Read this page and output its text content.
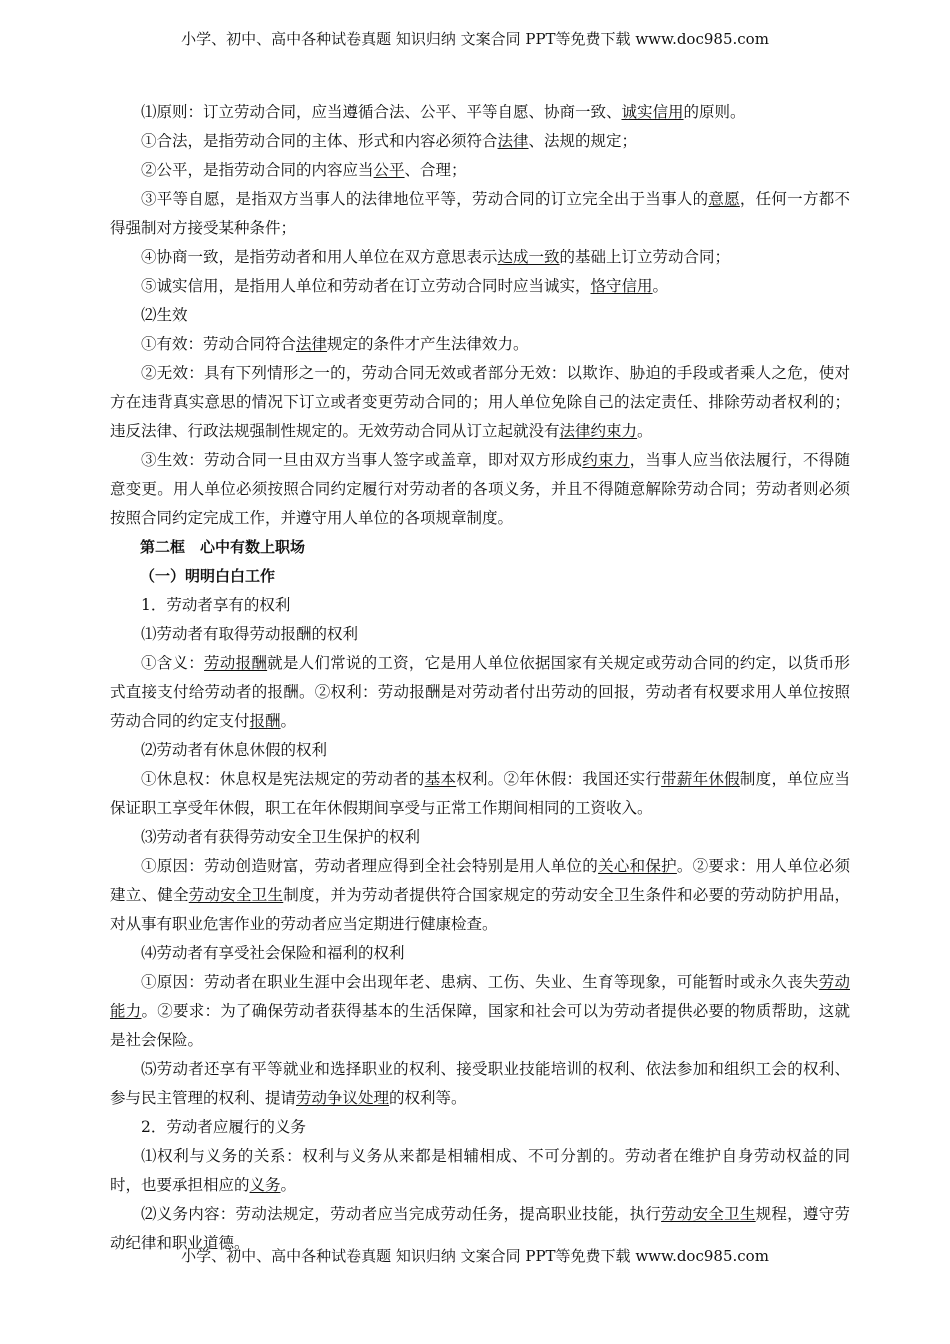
小学、初中、高中各种试卷真题 知识归纳 文案合同 PPT等免费下载 www.doc985.com

⑴原则：订立劳动合同，应当遵循合法、公平、平等自愿、协商一致、诚实信用的原则。

①合法，是指劳动合同的主体、形式和内容必须符合法律、法规的规定；

②公平，是指劳动合同的内容应当公平、合理；

③平等自愿，是指双方当事人的法律地位平等，劳动合同的订立完全出于当事人的意愿，任何一方都不得强制对方接受某种条件；

④协商一致，是指劳动者和用人单位在双方意思表示达成一致的基础上订立劳动合同；

⑤诚实信用，是指用人单位和劳动者在订立劳动合同时应当诚实，恪守信用。

⑵生效

①有效：劳动合同符合法律规定的条件才产生法律效力。

②无效：具有下列情形之一的，劳动合同无效或者部分无效：以欺诈、胁迫的手段或者乘人之危，使对方在违背真实意思的情况下订立或者变更劳动合同的；用人单位免除自己的法定责任、排除劳动者权利的；违反法律、行政法规强制性规定的。无效劳动合同从订立起就没有法律约束力。

③生效：劳动合同一旦由双方当事人签字或盖章，即对双方形成约束力，当事人应当依法履行，不得随意变更。用人单位必须按照合同约定履行对劳动者的各项义务，并且不得随意解除劳动合同；劳动者则必须按照合同约定完成工作，并遵守用人单位的各项规章制度。

第二框　心中有数上职场

（一）明明白白工作

1．劳动者享有的权利

⑴劳动者有取得劳动报酬的权利

①含义：劳动报酬就是人们常说的工资，它是用人单位依据国家有关规定或劳动合同的约定，以货币形式直接支付给劳动者的报酬。②权利：劳动报酬是对劳动者付出劳动的回报，劳动者有权要求用人单位按照劳动合同的约定支付报酬。

⑵劳动者有休息休假的权利

①休息权：休息权是宪法规定的劳动者的基本权利。②年休假：我国还实行带薪年休假制度，单位应当保证职工享受年休假，职工在年休假期间享受与正常工作期间相同的工资收入。

⑶劳动者有获得劳动安全卫生保护的权利

①原因：劳动创造财富，劳动者理应得到全社会特别是用人单位的关心和保护。②要求：用人单位必须建立、健全劳动安全卫生制度，并为劳动者提供符合国家规定的劳动安全卫生条件和必要的劳动防护用品，对从事有职业危害作业的劳动者应当定期进行健康检查。

⑷劳动者有享受社会保险和福利的权利

①原因：劳动者在职业生涯中会出现年老、患病、工伤、失业、生育等现象，可能暂时或永久丧失劳动能力。②要求：为了确保劳动者获得基本的生活保障，国家和社会可以为劳动者提供必要的物质帮助，这就是社会保险。

⑸劳动者还享有平等就业和选择职业的权利、接受职业技能培训的权利、依法参加和组织工会的权利、参与民主管理的权利、提请劳动争议处理的权利等。

2．劳动者应履行的义务

⑴权利与义务的关系：权利与义务从来都是相辅相成、不可分割的。劳动者在维护自身劳动权益的同时，也要承担相应的义务。

⑵义务内容：劳动法规定，劳动者应当完成劳动任务，提高职业技能，执行劳动安全卫生规程，遵守劳动纪律和职业道德。

小学、初中、高中各种试卷真题 知识归纳 文案合同 PPT等免费下载 www.doc985.com
